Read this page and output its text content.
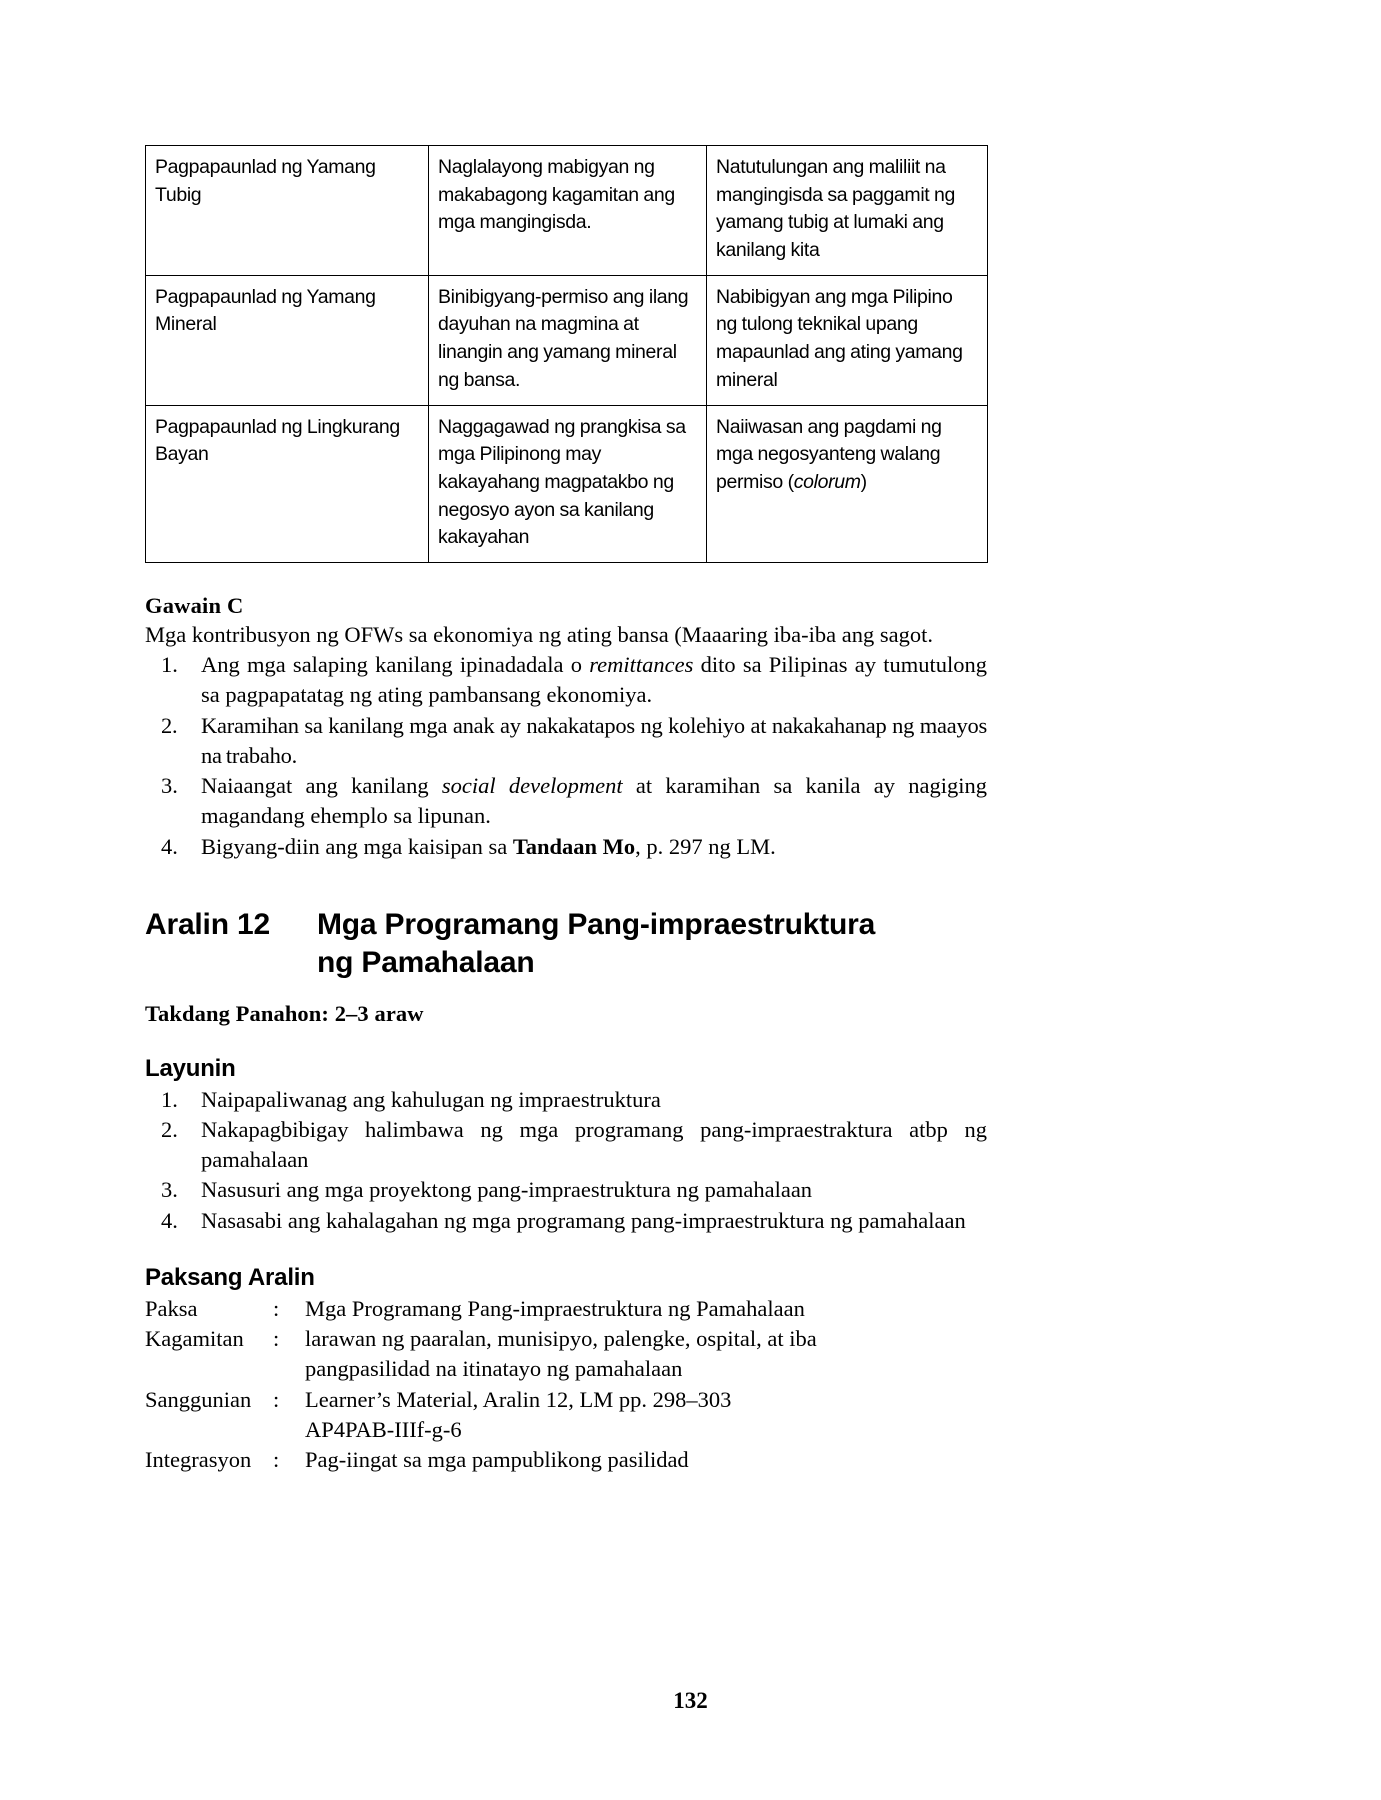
Pagpapaunlad ng Yamang Tubig	Naglalayong mabigyan ng makabagong kagamitan ang mga mangingisda.	Natutulungan ang maliliit na mangingisda sa paggamit ng yamang tubig at lumaki ang kanilang kita
Pagpapaunlad ng Yamang Mineral	Binibigyang-permiso ang ilang dayuhan na magmina at linangin ang yamang mineral ng bansa.	Nabibigyan ang mga Pilipino ng tulong teknikal upang mapaunlad ang ating yamang mineral
Pagpapaunlad ng Lingkurang Bayan	Naggagawad ng prangkisa sa mga Pilipinong may kakayahang magpatakbo ng negosyo ayon sa kanilang kakayahan	Naiiwasan ang pagdami ng mga negosyanteng walang permiso (colorum)
Gawain C
Mga kontribusyon ng OFWs sa ekonomiya ng ating bansa (Maaaring iba-iba ang sagot.
1.	Ang mga salaping kanilang ipinadadala o remittances dito sa Pilipinas ay tumutulong sa pagpapatatag ng ating pambansang ekonomiya.
2.	Karamihan sa kanilang mga anak ay nakakatapos ng kolehiyo at nakakahanap ng maayos na trabaho.
3.	Naiaangat ang kanilang social development at karamihan sa kanila ay nagiging magandang ehemplo sa lipunan.
4.	Bigyang-diin ang mga kaisipan sa Tandaan Mo, p. 297 ng LM.
Aralin 12	Mga Programang Pang-impraestruktura
ng Pamahalaan
Takdang Panahon: 2–3 araw
Layunin
1.	Naipapaliwanag ang kahulugan ng impraestruktura
2.	Nakapagbibigay halimbawa ng mga programang pang-impraestraktura atbp ng pamahalaan
3.	Nasusuri ang mga proyektong pang-impraestruktura ng pamahalaan
4.	Nasasabi ang kahalagahan ng mga programang pang-impraestruktura ng pamahalaan
Paksang Aralin
Paksa	:	Mga Programang Pang-impraestruktura ng Pamahalaan
Kagamitan	:	larawan ng paaralan, munisipyo, palengke, ospital, at iba
pangpasilidad na itinatayo ng pamahalaan
Sanggunian :	Learner’s Material, Aralin 12, LM pp. 298–303
AP4PAB-IIIf-g-6
Integrasyon :	Pag-iingat sa mga pampublikong pasilidad
132
